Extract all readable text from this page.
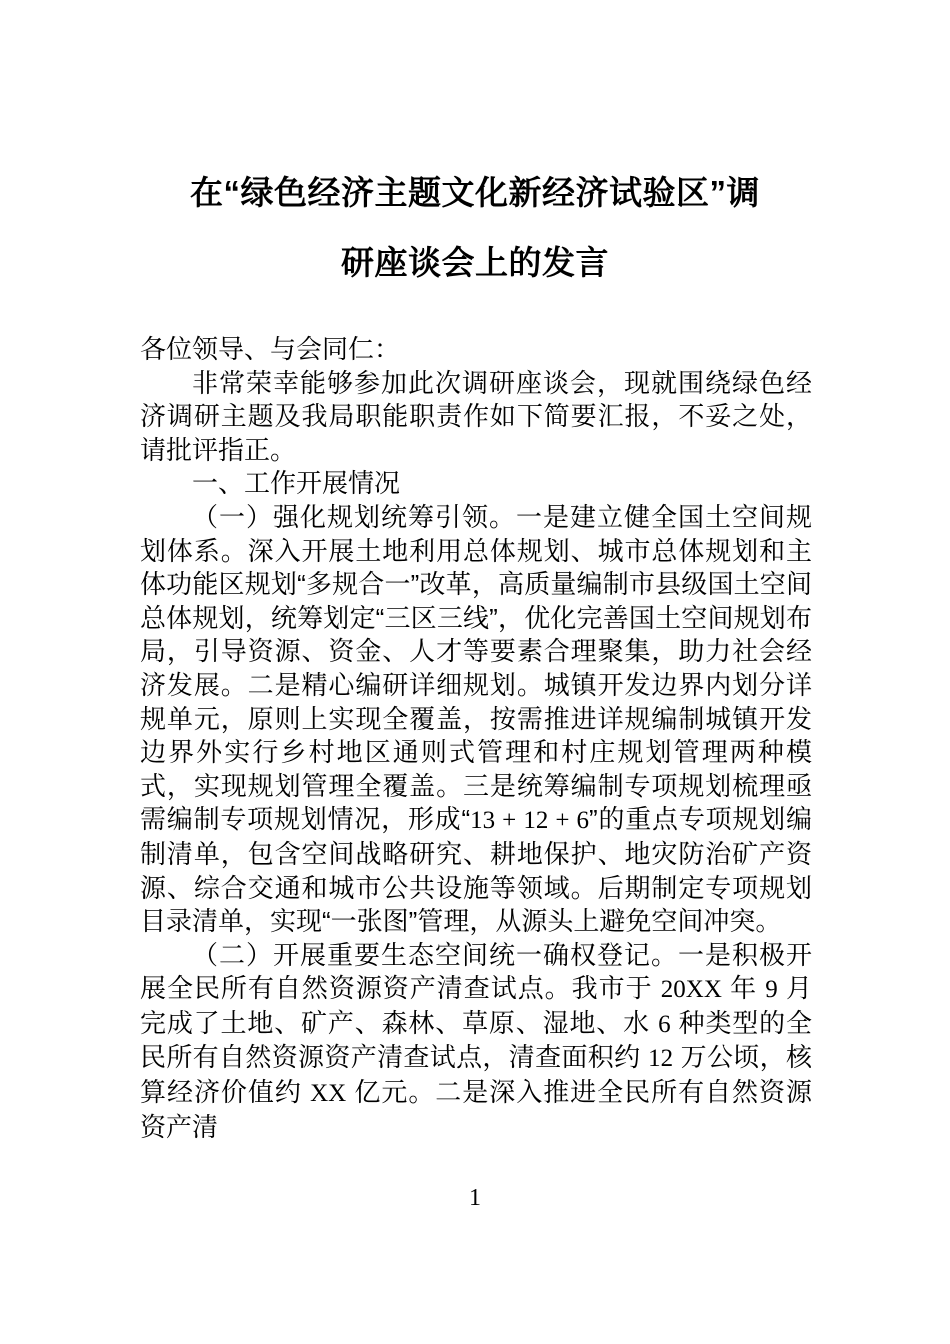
在“绿色经济主题文化新经济试验区”调
研座谈会上的发言

各位领导、与会同仁：

非常荣幸能够参加此次调研座谈会，现就围绕绿色经济调研主题及我局职能职责作如下简要汇报，不妥之处，请批评指正。

一、工作开展情况

（一）强化规划统筹引领。一是建立健全国土空间规划体系。深入开展土地利用总体规划、城市总体规划和主体功能区规划“多规合一”改革，高质量编制市县级国土空间总体规划，统筹划定“三区三线”，优化完善国土空间规划布局，引导资源、资金、人才等要素合理聚集，助力社会经济发展。二是精心编研详细规划。城镇开发边界内划分详规单元，原则上实现全覆盖，按需推进详规编制城镇开发边界外实行乡村地区通则式管理和村庄规划管理两种模式，实现规划管理全覆盖。三是统筹编制专项规划梳理亟需编制专项规划情况，形成“13 + 12 + 6”的重点专项规划编制清单，包含空间战略研究、耕地保护、地灾防治矿产资源、综合交通和城市公共设施等领域。后期制定专项规划目录清单，实现“一张图”管理，从源头上避免空间冲突。

（二）开展重要生态空间统一确权登记。一是积极开展全民所有自然资源资产清查试点。我市于 20XX 年 9 月完成了土地、矿产、森林、草原、湿地、水 6 种类型的全民所有自然资源资产清查试点，清查面积约 12 万公顷，核算经济价值约 XX 亿元。二是深入推进全民所有自然资源资产清

1
